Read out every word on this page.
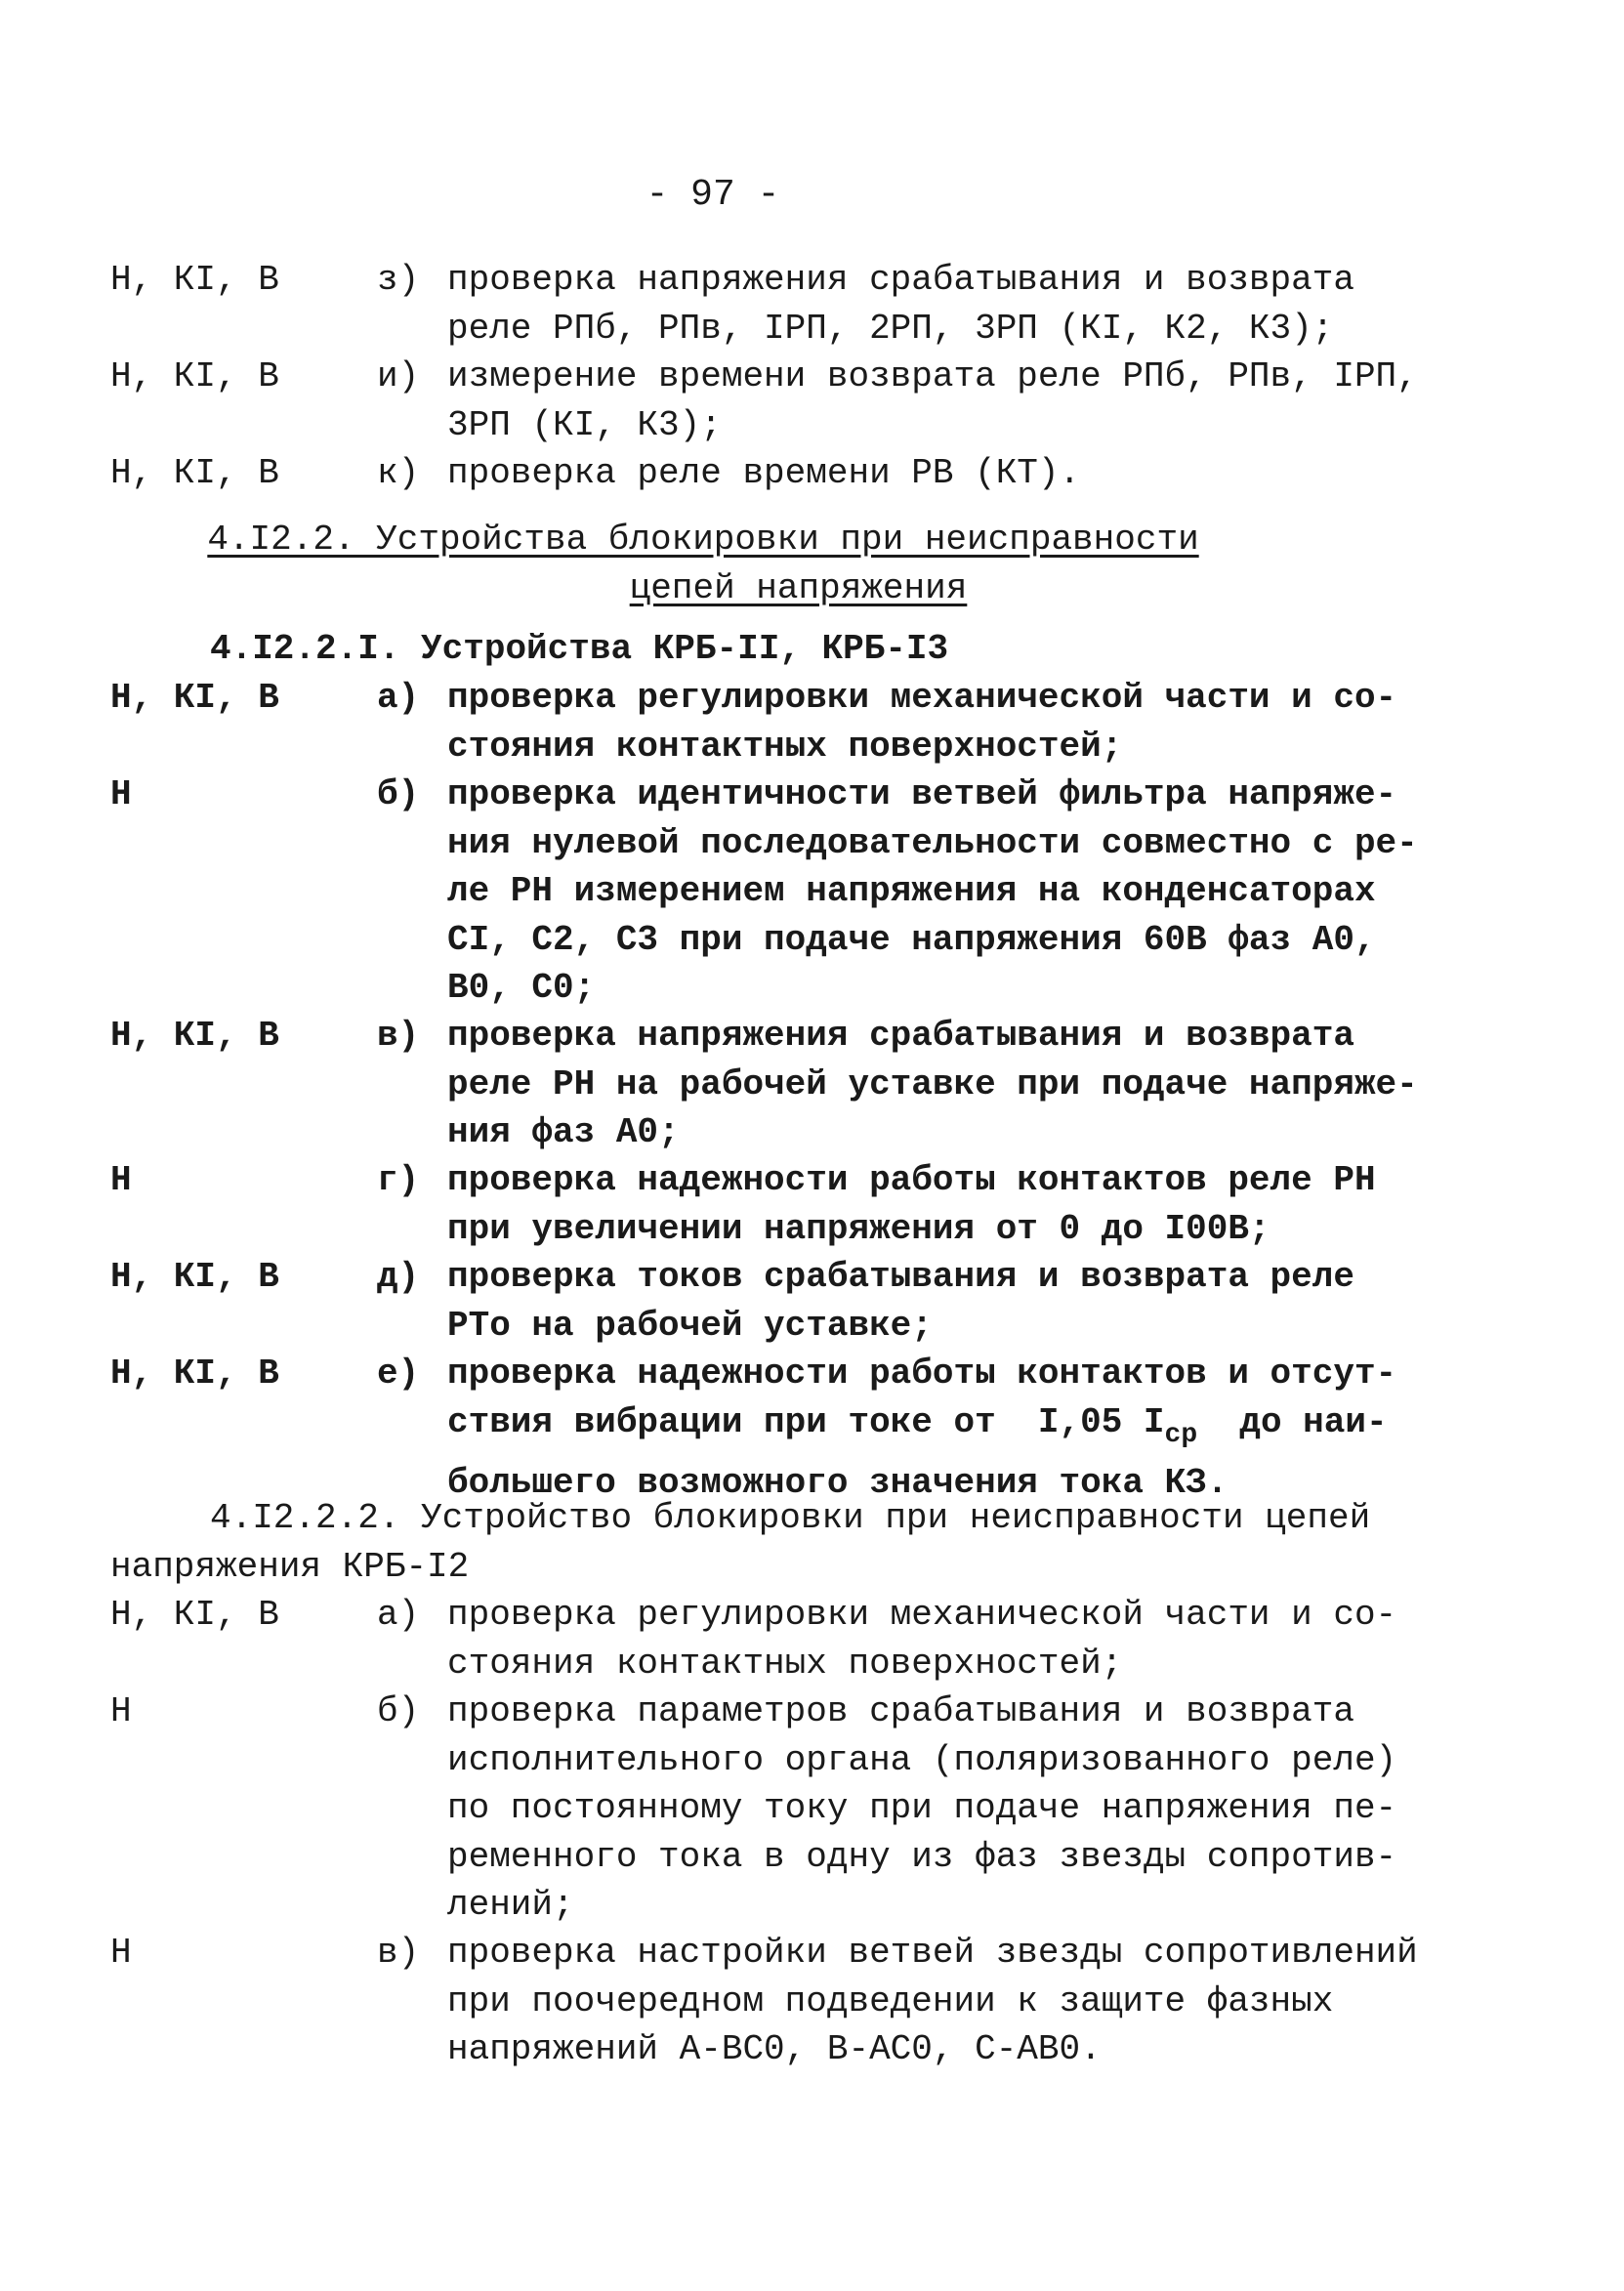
- 97 -
Н, КI, В	з) проверка напряжения срабатывания и возврата
реле РПб, РПв, IРП, 2РП, 3РП (КI, К2, К3);
Н, КI, В	и) измерение времени возврата реле РПб, РПв, IРП,
3РП (КI, К3);
Н, КI, В	к) проверка реле времени РВ (КТ).
4.I2.2. Устройства блокировки при неисправности
цепей напряжения
4.I2.2.I. Устройства КРБ-II, КРБ-I3
Н, КI, В	а) проверка регулировки механической части и со-
стояния контактных поверхностей;
Н	б) проверка идентичности ветвей фильтра напряже-
ния нулевой последовательности совместно с ре-
ле РН измерением напряжения на конденсаторах
СI, С2, С3 при подаче напряжения 60В фаз А0,
В0, С0;
Н, КI, В	в) проверка напряжения срабатывания и возврата
реле РН на рабочей уставке при подаче напряже-
ния фаз А0;
Н	г) проверка надежности работы контактов реле РН
при увеличении напряжения от 0 до I00В;
Н, КI, В	д) проверка токов срабатывания и возврата реле
РТо на рабочей уставке;
Н, КI, В	е) проверка надежности работы контактов и отсут-
ствия вибрации при токе от  I,05 $I_{ср}$  до наи-
большего возможного значения тока КЗ.
4.I2.2.2. Устройство блокировки при неисправности цепей
напряжения КРБ-I2
Н, КI, В	а) проверка регулировки механической части и со-
стояния контактных поверхностей;
Н	б) проверка параметров срабатывания и возврата
исполнительного органа (поляризованного реле)
по постоянному току при подаче напряжения пе-
ременного тока в одну из фаз звезды сопротив-
лений;
Н	в) проверка настройки ветвей звезды сопротивлений
при поочередном подведении к защите фазных
напряжений А-ВС0, В-АС0, С-АВ0.
